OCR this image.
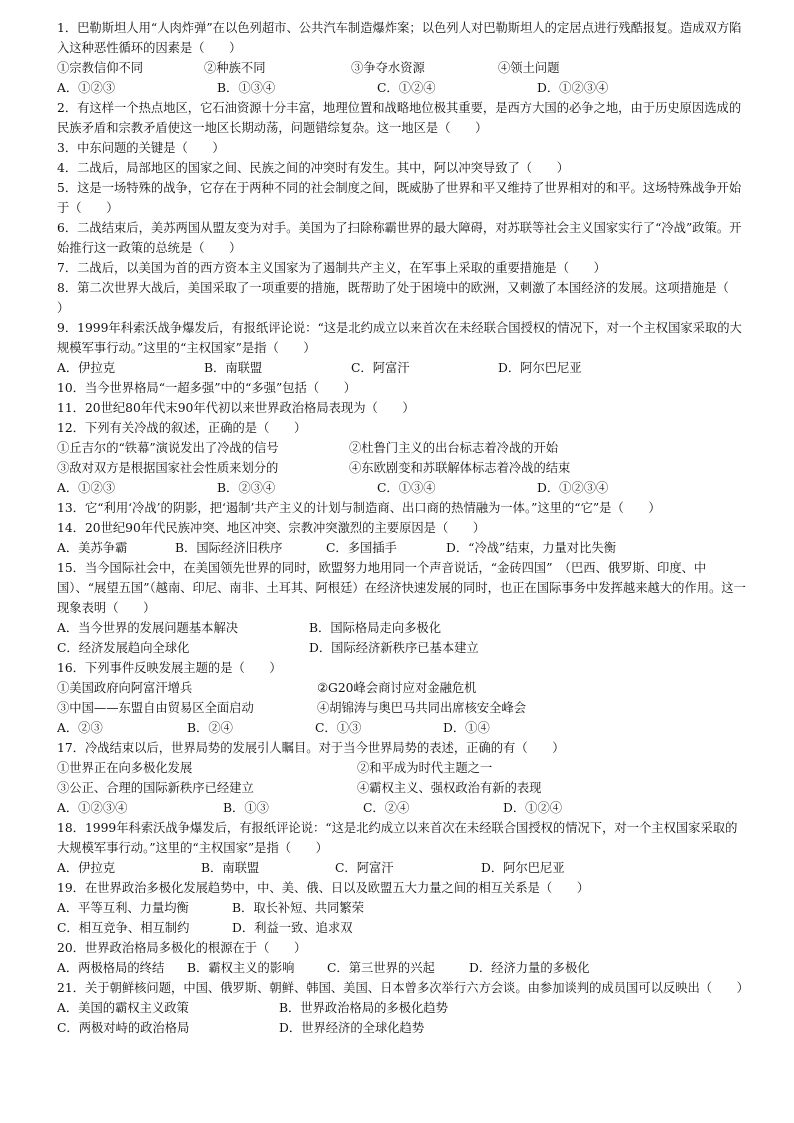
1．巴勒斯坦人用“人肉炸弹”在以色列超市、公共汽车制造爆炸案；以色列人对巴勒斯坦人的定居点进行残酷报复。造成双方陷入这种恶性循环的因素是（　　）

①宗教信仰不同	②种族不同	③争夺水资源	④领土问题
A．①②③	B．①③④	C．①②④	D．①②③④

2．有这样一个热点地区，它石油资源十分丰富，地理位置和战略地位极其重要，是西方大国的必争之地，由于历史原因选成的民族矛盾和宗教矛盾使这一地区长期动荡，问题错综复杂。这一地区是（　　）

3．中东问题的关键是（　　）

4．二战后，局部地区的国家之间、民族之间的冲突时有发生。其中，阿以冲突导致了（　　）

5．这是一场特殊的战争，它存在于两种不同的社会制度之间，既威胁了世界和平又维持了世界相对的和平。这场特殊战争开始于（　　）

6．二战结束后，美苏两国从盟友变为对手。美国为了扫除称霸世界的最大障碍，对苏联等社会主义国家实行了“冷战”政策。开始推行这一政策的总统是（　　）

7．二战后，以美国为首的西方资本主义国家为了遏制共产主义，在军事上采取的重要措施是（　　）

8．第二次世界大战后，美国采取了一项重要的措施，既帮助了处于困境中的欧洲，又刺激了本国经济的发展。这项措施是（　　）

9．1999年科索沃战争爆发后，有报纸评论说：“这是北约成立以来首次在未经联合国授权的情况下，对一个主权国家采取的大规模军事行动。”这里的“主权国家”是指（　　）

A．伊拉克	B．南联盟	C．阿富汗	D．阿尔巴尼亚

10．当今世界格局“一超多强”中的“多强”包括（　　）

11．20世纪80年代末90年代初以来世界政治格局表现为（　　）

12．下列有关冷战的叙述，正确的是（　　）

①丘吉尔的“铁幕”演说发出了冷战的信号	②杜鲁门主义的出台标志着冷战的开始
③敌对双方是根据国家社会性质来划分的	④东欧剧变和苏联解体标志着冷战的结束
A．①②③	B．②③④	C．①③④	D．①②③④

13．它“利用‘冷战’的阴影，把‘遏制’共产主义的计划与制造商、出口商的热情融为一体。”这里的“它”是（　　）

14．20世纪90年代民族冲突、地区冲突、宗教冲突激烈的主要原因是（　　）

A．美苏争霸	B．国际经济旧秩序	C．多国插手	D．“冷战”结束，力量对比失衡

15．当今国际社会中，在美国领先世界的同时，欧盟努力地用同一个声音说话，“金砖四国”　（巴西、俄罗斯、印度、中国）、“展望五国”（越南、印尼、南非、土耳其、阿根廷）在经济快速发展的同时，也正在国际事务中发挥越来越大的作用。这一现象表明（　　）

A．当今世界的发展问题基本解决	B．国际格局走向多极化
C．经济发展趋向全球化	D．国际经济新秩序已基本建立

16．下列事件反映发展主题的是（　　）

①美国政府向阿富汗增兵	②G20峰会商讨应对金融危机
③中国——东盟自由贸易区全面启动	④胡锦涛与奥巴马共同出席核安全峰会
A．②③	B．②④	C．①③	D．①④

17．冷战结束以后，世界局势的发展引人瞩目。对于当今世界局势的表述，正确的有（　　）

①世界正在向多极化发展	②和平成为时代主题之一
③公正、合理的国际新秩序已经建立	④霸权主义、强权政治有新的表现
A．①②③④	B．①③	C．②④	D．①②④

18．1999年科索沃战争爆发后，有报纸评论说：“这是北约成立以来首次在未经联合国授权的情况下，对一个主权国家采取的大规模军事行动。”这里的“主权国家”是指（　　）

A．伊拉克	B．南联盟	C．阿富汗	D．阿尔巴尼亚

19．在世界政治多极化发展趋势中，中、美、俄、日以及欧盟五大力量之间的相互关系是（　　）

A．平等互利、力量均衡	B．取长补短、共同繁荣
C．相互竞争、相互制约	D．利益一致、追求双

20．世界政治格局多极化的根源在于（　　）

A．两极格局的终结	B．霸权主义的影响	C．第三世界的兴起	D．经济力量的多极化

21．关于朝鲜核问题，中国、俄罗斯、朝鲜、韩国、美国、日本曾多次举行六方会谈。由参加谈判的成员国可以反映出（　　）

A．美国的霸权主义政策	B．世界政治格局的多极化趋势
C．两极对峙的政治格局	D．世界经济的全球化趋势
